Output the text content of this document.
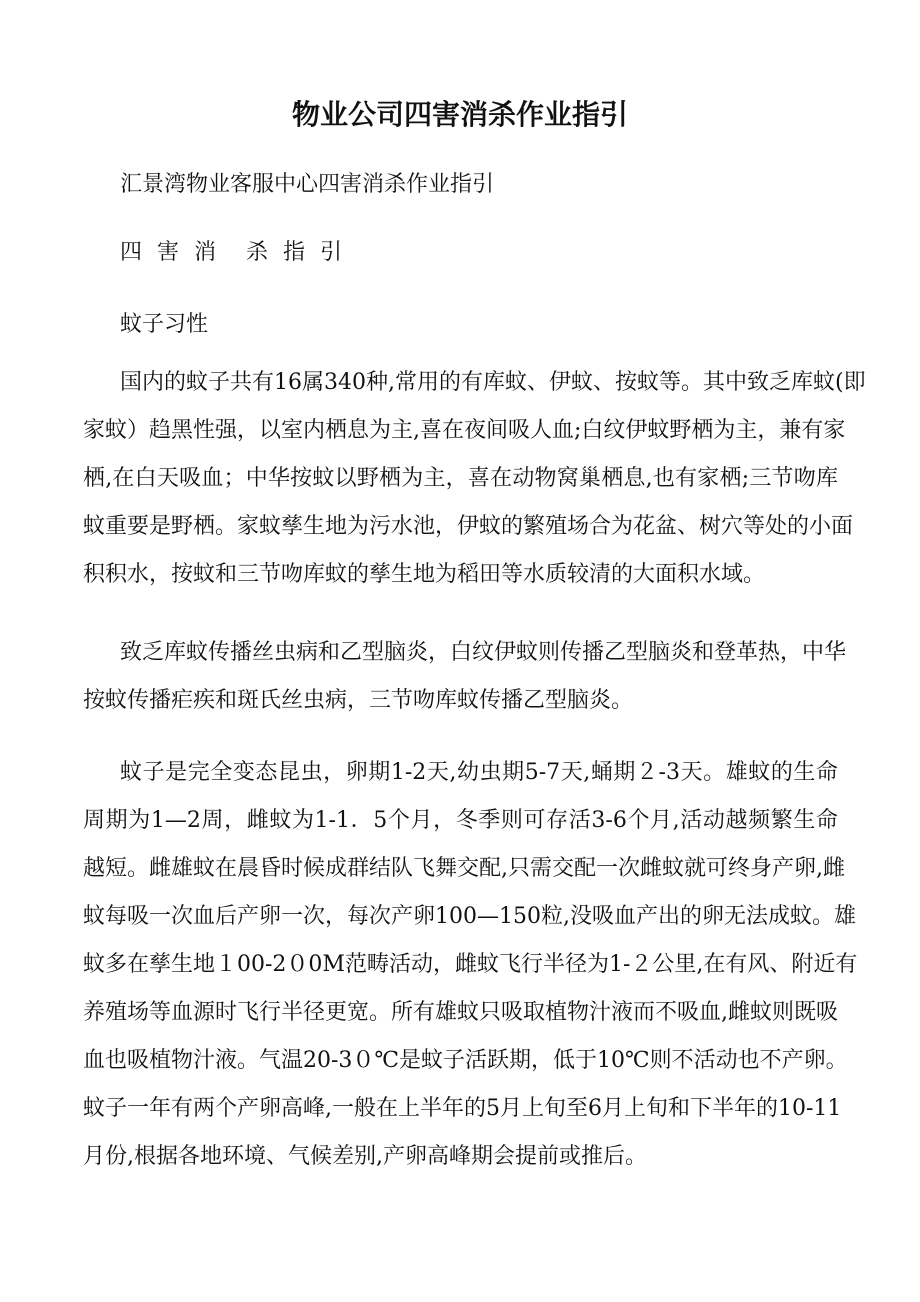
物业公司四害消杀作业指引
汇景湾物业客服中心四害消杀作业指引
四 害 消　杀 指 引
蚊子习性
国内的蚊子共有16属340种,常用的有库蚊、伊蚊、按蚊等。其中致乏库蚊(即
家蚊）趋黑性强，以室内栖息为主,喜在夜间吸人血;白纹伊蚊野栖为主，兼有家
栖,在白天吸血；中华按蚊以野栖为主，喜在动物窝巢栖息,也有家栖;三节吻库
蚊重要是野栖。家蚊孳生地为污水池，伊蚊的繁殖场合为花盆、树穴等处的小面
积积水，按蚊和三节吻库蚊的孳生地为稻田等水质较清的大面积水域。
致乏库蚊传播丝虫病和乙型脑炎，白纹伊蚊则传播乙型脑炎和登革热，中华
按蚊传播疟疾和斑氏丝虫病，三节吻库蚊传播乙型脑炎。
蚊子是完全变态昆虫，卵期1-2天,幼虫期5-7天,蛹期２-3天。雄蚊的生命
周期为1—2周，雌蚊为1-1．5个月，冬季则可存活3-6个月,活动越频繁生命
越短。雌雄蚊在晨昏时候成群结队飞舞交配,只需交配一次雌蚊就可终身产卵,雌
蚊每吸一次血后产卵一次，每次产卵100—150粒,没吸血产出的卵无法成蚊。雄
蚊多在孳生地１00-2０0M范畴活动，雌蚊飞行半径为1-２公里,在有风、附近有
养殖场等血源时飞行半径更宽。所有雄蚊只吸取植物汁液而不吸血,雌蚊则既吸
血也吸植物汁液。气温20-3０℃是蚊子活跃期，低于10℃则不活动也不产卵。
蚊子一年有两个产卵高峰,一般在上半年的5月上旬至6月上旬和下半年的10-11
月份,根据各地环境、气候差别,产卵高峰期会提前或推后。
